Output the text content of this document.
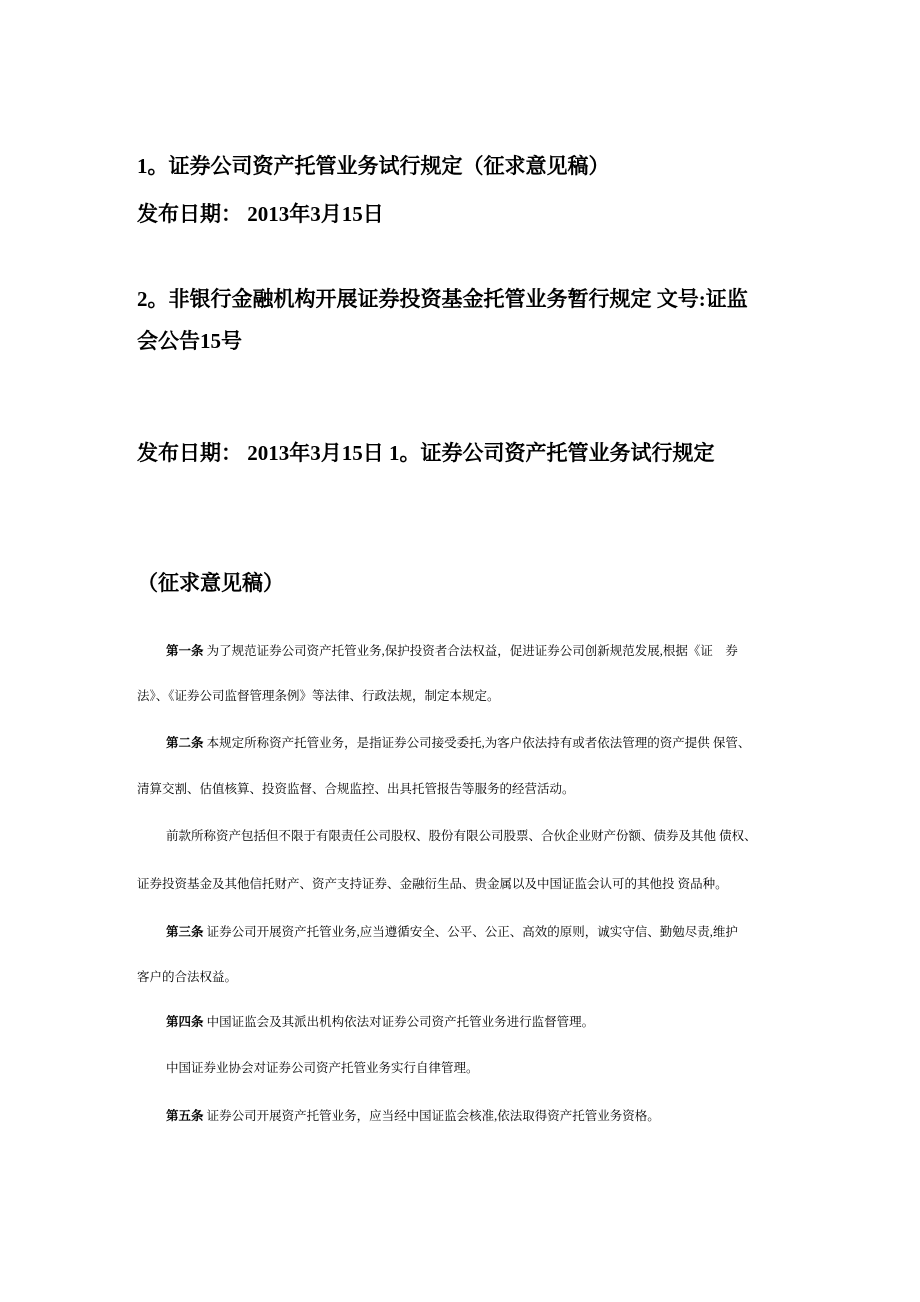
1。证券公司资产托管业务试行规定（征求意见稿）
发布日期： 2013年3月15日
2。非银行金融机构开展证券投资基金托管业务暂行规定 文号:证监
会公告15号
发布日期： 2013年3月15日 1。证券公司资产托管业务试行规定
（征求意见稿）
第一条 为了规范证券公司资产托管业务,保护投资者合法权益，促进证券公司创新规范发展,根据《证　券
法》、《证券公司监督管理条例》等法律、行政法规，制定本规定。
第二条 本规定所称资产托管业务，是指证券公司接受委托,为客户依法持有或者依法管理的资产提供 保管、
清算交割、估值核算、投资监督、合规监控、出具托管报告等服务的经营活动。
前款所称资产包括但不限于有限责任公司股权、股份有限公司股票、合伙企业财产份额、债券及其他 债权、
证券投资基金及其他信托财产、资产支持证券、金融衍生品、贵金属以及中国证监会认可的其他投 资品种。
第三条 证券公司开展资产托管业务,应当遵循安全、公平、公正、高效的原则，诚实守信、勤勉尽责,维护
客户的合法权益。
第四条 中国证监会及其派出机构依法对证券公司资产托管业务进行监督管理。
中国证券业协会对证券公司资产托管业务实行自律管理。
第五条 证券公司开展资产托管业务，应当经中国证监会核准,依法取得资产托管业务资格。
